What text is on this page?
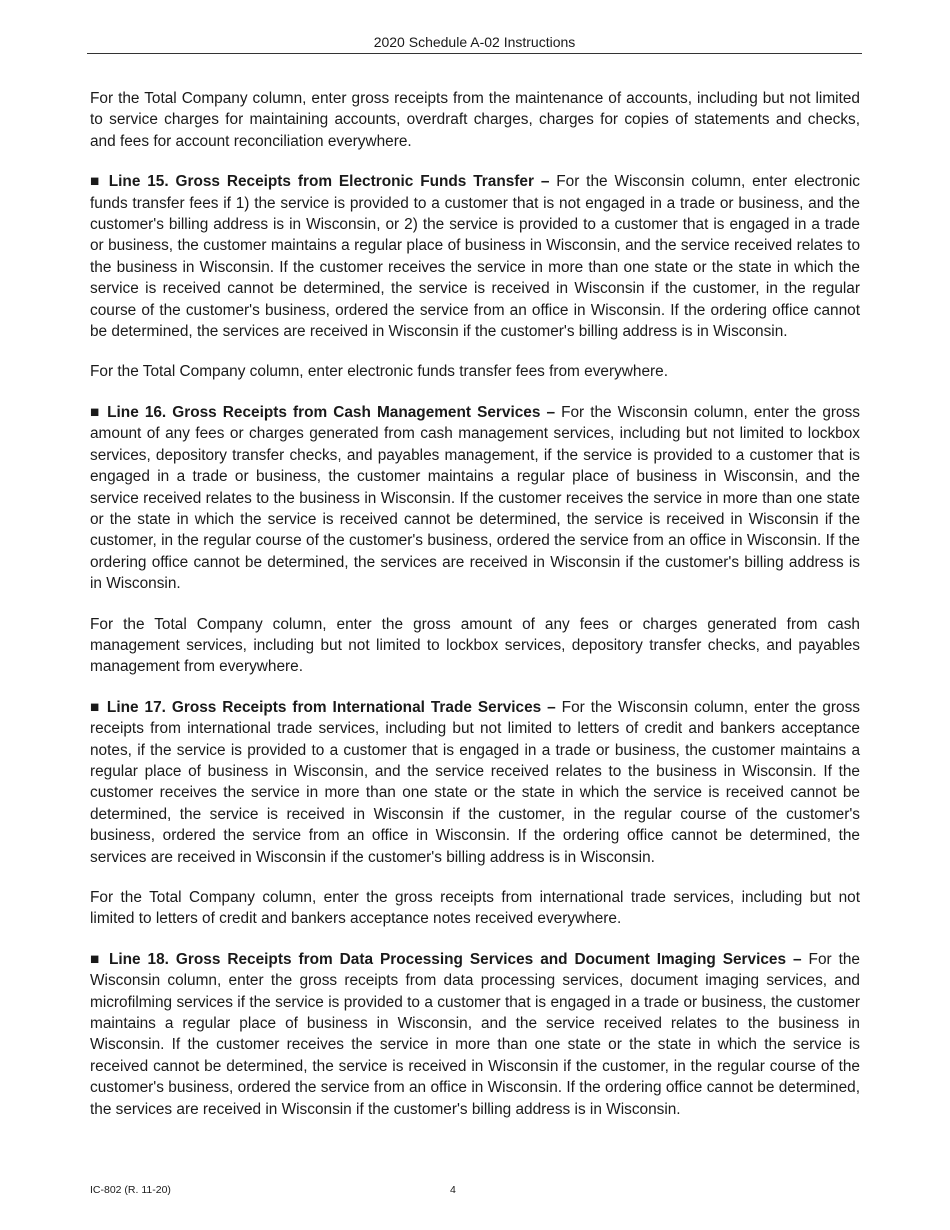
2020 Schedule A-02 Instructions

For the Total Company column, enter gross receipts from the maintenance of accounts, including but not limited to service charges for maintaining accounts, overdraft charges, charges for copies of statements and checks, and fees for account reconciliation everywhere.

■ Line 15. Gross Receipts from Electronic Funds Transfer – For the Wisconsin column, enter electronic funds transfer fees if 1) the service is provided to a customer that is not engaged in a trade or business, and the customer's billing address is in Wisconsin, or 2) the service is provided to a customer that is engaged in a trade or business, the customer maintains a regular place of business in Wisconsin, and the service received relates to the business in Wisconsin. If the customer receives the service in more than one state or the state in which the service is received cannot be determined, the service is received in Wisconsin if the customer, in the regular course of the customer's business, ordered the service from an office in Wisconsin. If the ordering office cannot be determined, the services are received in Wisconsin if the customer's billing address is in Wisconsin.

For the Total Company column, enter electronic funds transfer fees from everywhere.

■ Line 16. Gross Receipts from Cash Management Services – For the Wisconsin column, enter the gross amount of any fees or charges generated from cash management services, including but not limited to lockbox services, depository transfer checks, and payables management, if the service is provided to a customer that is engaged in a trade or business, the customer maintains a regular place of business in Wisconsin, and the service received relates to the business in Wisconsin. If the customer receives the service in more than one state or the state in which the service is received cannot be determined, the service is received in Wisconsin if the customer, in the regular course of the customer's business, ordered the service from an office in Wisconsin. If the ordering office cannot be determined, the services are received in Wisconsin if the customer's billing address is in Wisconsin.

For the Total Company column, enter the gross amount of any fees or charges generated from cash management services, including but not limited to lockbox services, depository transfer checks, and payables management from everywhere.

■ Line 17. Gross Receipts from International Trade Services – For the Wisconsin column, enter the gross receipts from international trade services, including but not limited to letters of credit and bankers acceptance notes, if the service is provided to a customer that is engaged in a trade or business, the customer maintains a regular place of business in Wisconsin, and the service received relates to the business in Wisconsin. If the customer receives the service in more than one state or the state in which the service is received cannot be determined, the service is received in Wisconsin if the customer, in the regular course of the customer's business, ordered the service from an office in Wisconsin. If the ordering office cannot be determined, the services are received in Wisconsin if the customer's billing address is in Wisconsin.

For the Total Company column, enter the gross receipts from international trade services, including but not limited to letters of credit and bankers acceptance notes received everywhere.

■ Line 18. Gross Receipts from Data Processing Services and Document Imaging Services – For the Wisconsin column, enter the gross receipts from data processing services, document imaging services, and microfilming services if the service is provided to a customer that is engaged in a trade or business, the customer maintains a regular place of business in Wisconsin, and the service received relates to the business in Wisconsin. If the customer receives the service in more than one state or the state in which the service is received cannot be determined, the service is received in Wisconsin if the customer, in the regular course of the customer's business, ordered the service from an office in Wisconsin. If the ordering office cannot be determined, the services are received in Wisconsin if the customer's billing address is in Wisconsin.

IC-802 (R. 11-20)	4
